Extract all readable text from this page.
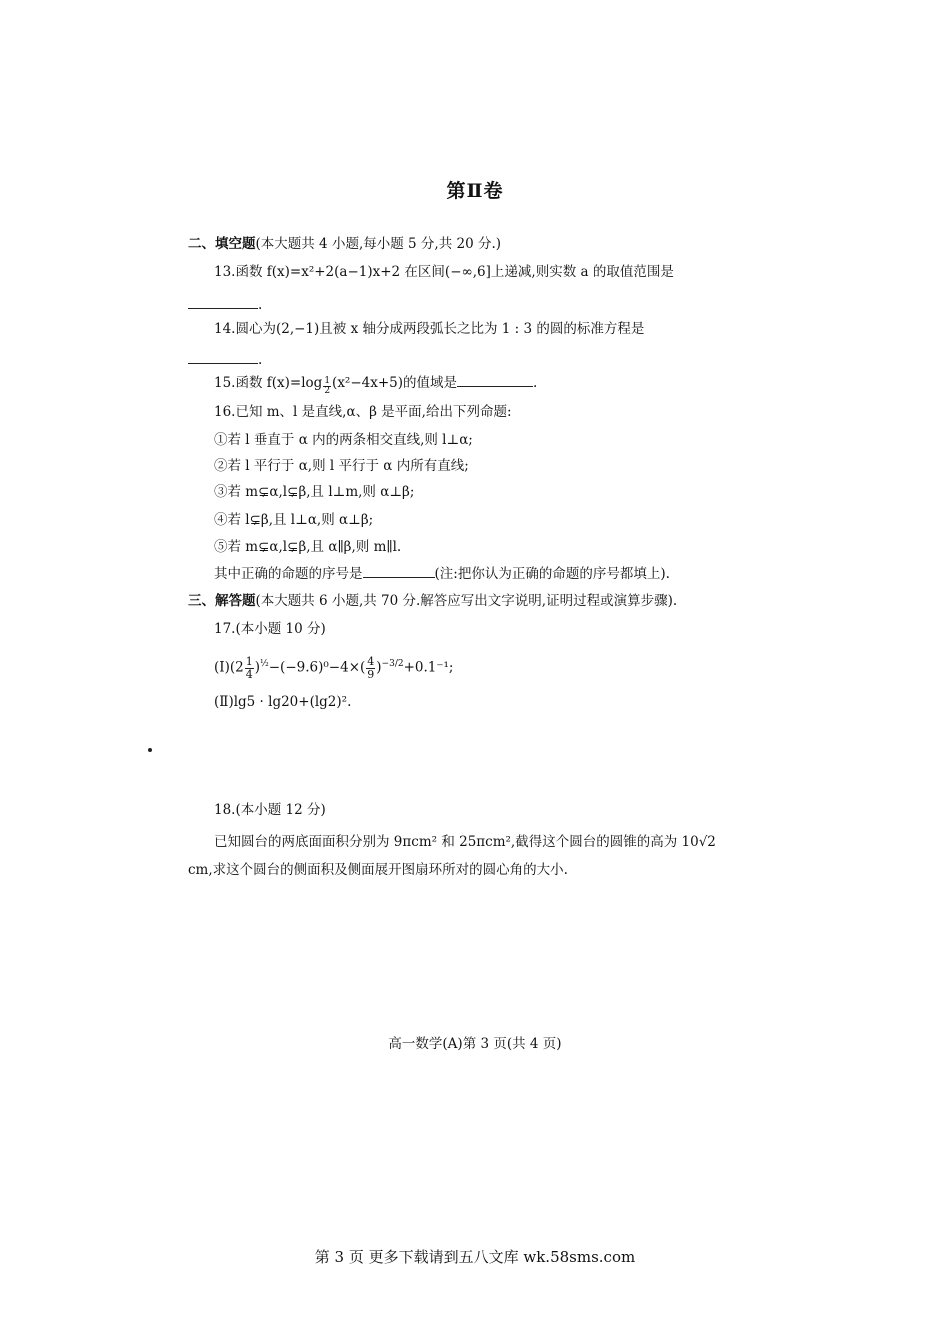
第Ⅱ卷
二、填空题(本大题共 4 小题,每小题 5 分,共 20 分.)
13.函数 f(x)=x²+2(a−1)x+2 在区间(−∞,6]上递减,则实数 a 的取值范围是
.
14.圆心为(2,−1)且被 x 轴分成两段弧长之比为 1 : 3 的圆的标准方程是
.
15.函数 $f(x)=\log \frac{1}{2} (x^2-4x+5)$的值域是	.
16.已知 m、l 是直线,α、β 是平面,给出下列命题:
①若 l 垂直于 α 内的两条相交直线,则 l⊥α;
②若 l 平行于 α,则 l 平行于 α 内所有直线;
③若 m⊊α,l⊊β,且 l⊥m,则 α⊥β;
④若 l⊊β,且 l⊥α,则 α⊥β;
⑤若 m⊊α,l⊊β,且 α∥β,则 m∥l.
其中正确的命题的序号是	(注:把你认为正确的命题的序号都填上).
三、解答题(本大题共 6 小题,共 70 分.解答应写出文字说明,证明过程或演算步骤).
17.(本小题 10 分)
(Ⅰ)(2 $\frac{1}{4} )^{\frac{1}{2}}-(-9.6)^0-4\times( \frac{4}{9} )^{-3/2}+0.1^{-1}$;
(Ⅱ)lg5 · lg20+(lg2)².
18.(本小题 12 分)
已知圆台的两底面面积分别为 9πcm² 和 25πcm²,截得这个圆台的圆锥的高为 10√2
cm,求这个圆台的侧面积及侧面展开图扇环所对的圆心角的大小.
高一数学(A)第 3 页(共 4 页)
第 3 页 更多下载请到五八文库 wk.58sms.com
